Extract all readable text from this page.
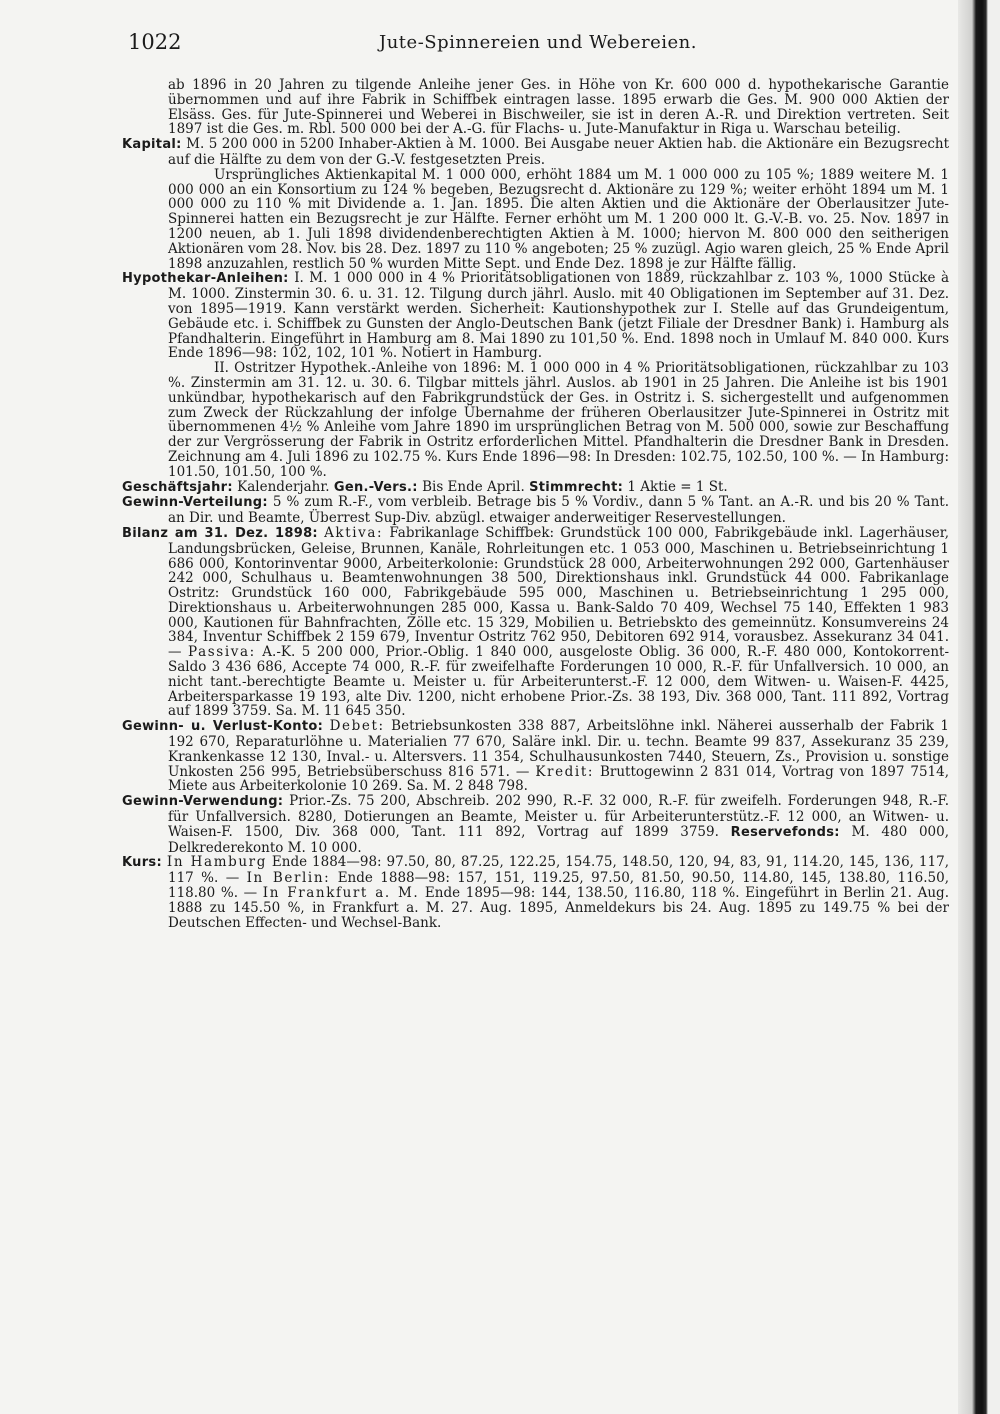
1022	Jute-Spinnereien und Webereien.

ab 1896 in 20 Jahren zu tilgende Anleihe jener Ges. in Höhe von Kr. 600 000 d. hypothekarische Garantie übernommen und auf ihre Fabrik in Schiffbek eintragen lasse. 1895 erwarb die Ges. M. 900 000 Aktien der Elsäss. Ges. für Jute-Spinnerei und Weberei in Bischweiler, sie ist in deren A.-R. und Direktion vertreten. Seit 1897 ist die Ges. m. Rbl. 500 000 bei der A.-G. für Flachs- u. Jute-Manufaktur in Riga u. Warschau beteilig.

Kapital: M. 5 200 000 in 5200 Inhaber-Aktien à M. 1000. Bei Ausgabe neuer Aktien hab. die Aktionäre ein Bezugsrecht auf die Hälfte zu dem von der G.-V. festgesetzten Preis.

Ursprüngliches Aktienkapital M. 1 000 000, erhöht 1884 um M. 1 000 000 zu 105 %; 1889 weitere M. 1 000 000 an ein Konsortium zu 124 % begeben, Bezugsrecht d. Aktionäre zu 129 %; weiter erhöht 1894 um M. 1 000 000 zu 110 % mit Dividende a. 1. Jan. 1895. Die alten Aktien und die Aktionäre der Oberlausitzer Jute-Spinnerei hatten ein Bezugsrecht je zur Hälfte. Ferner erhöht um M. 1 200 000 lt. G.-V.-B. vo. 25. Nov. 1897 in 1200 neuen, ab 1. Juli 1898 dividendenberechtigten Aktien à M. 1000; hiervon M. 800 000 den seitherigen Aktionären vom 28. Nov. bis 28. Dez. 1897 zu 110 % angeboten; 25 % zuzügl. Agio waren gleich, 25 % Ende April 1898 anzuzahlen, restlich 50 % wurden Mitte Sept. und Ende Dez. 1898 je zur Hälfte fällig.

Hypothekar-Anleihen: I. M. 1 000 000 in 4 % Prioritätsobligationen von 1889, rückzahlbar z. 103 %, 1000 Stücke à M. 1000. Zinstermin 30. 6. u. 31. 12. Tilgung durch jährl. Auslo. mit 40 Obligationen im September auf 31. Dez. von 1895—1919. Kann verstärkt werden. Sicherheit: Kautionshypothek zur I. Stelle auf das Grundeigentum, Gebäude etc. i. Schiffbek zu Gunsten der Anglo-Deutschen Bank (jetzt Filiale der Dresdner Bank) i. Hamburg als Pfandhalterin. Eingeführt in Hamburg am 8. Mai 1890 zu 101,50 %. End. 1898 noch in Umlauf M. 840 000. Kurs Ende 1896—98: 102, 102, 101 %. Notiert in Hamburg.

II. Ostritzer Hypothek.-Anleihe von 1896: M. 1 000 000 in 4 % Prioritätsobligationen, rückzahlbar zu 103 %. Zinstermin am 31. 12. u. 30. 6. Tilgbar mittels jährl. Auslos. ab 1901 in 25 Jahren. Die Anleihe ist bis 1901 unkündbar, hypothekarisch auf den Fabrikgrundstück der Ges. in Ostritz i. S. sichergestellt und aufgenommen zum Zweck der Rückzahlung der infolge Übernahme der früheren Oberlausitzer Jute-Spinnerei in Ostritz mit übernommenen 4½ % Anleihe vom Jahre 1890 im ursprünglichen Betrag von M. 500 000, sowie zur Beschaffung der zur Vergrösserung der Fabrik in Ostritz erforderlichen Mittel. Pfandhalterin die Dresdner Bank in Dresden. Zeichnung am 4. Juli 1896 zu 102.75 %. Kurs Ende 1896—98: In Dresden: 102.75, 102.50, 100 %. — In Hamburg: 101.50, 101.50, 100 %.

Geschäftsjahr: Kalenderjahr. Gen.-Vers.: Bis Ende April. Stimmrecht: 1 Aktie = 1 St.

Gewinn-Verteilung: 5 % zum R.-F., vom verbleib. Betrage bis 5 % Vordiv., dann 5 % Tant. an A.-R. und bis 20 % Tant. an Dir. und Beamte, Überrest Sup-Div. abzügl. etwaiger anderweitiger Reservestellungen.

Bilanz am 31. Dez. 1898: Aktiva: Fabrikanlage Schiffbek: Grundstück 100 000, Fabrikgebäude inkl. Lagerhäuser, Landungsbrücken, Geleise, Brunnen, Kanäle, Rohrleitungen etc. 1 053 000, Maschinen u. Betriebseinrichtung 1 686 000, Kontorinventar 9000, Arbeiterkolonie: Grundstück 28 000, Arbeiterwohnungen 292 000, Gartenhäuser 242 000, Schulhaus u. Beamtenwohnungen 38 500, Direktionshaus inkl. Grundstück 44 000. Fabrikanlage Ostritz: Grundstück 160 000, Fabrikgebäude 595 000, Maschinen u. Betriebseinrichtung 1 295 000, Direktionshaus u. Arbeiterwohnungen 285 000, Kassa u. Bank-Saldo 70 409, Wechsel 75 140, Effekten 1 983 000, Kautionen für Bahnfrachten, Zölle etc. 15 329, Mobilien u. Betriebskto des gemeinnütz. Konsumvereins 24 384, Inventur Schiffbek 2 159 679, Inventur Ostritz 762 950, Debitoren 692 914, vorausbez. Assekuranz 34 041. — Passiva: A.-K. 5 200 000, Prior.-Oblig. 1 840 000, ausgeloste Oblig. 36 000, R.-F. 480 000, Kontokorrent-Saldo 3 436 686, Accepte 74 000, R.-F. für zweifelhafte Forderungen 10 000, R.-F. für Unfallversich. 10 000, an nicht tant.-berechtigte Beamte u. Meister u. für Arbeiterunterst.-F. 12 000, dem Witwen- u. Waisen-F. 4425, Arbeitersparkasse 19 193, alte Div. 1200, nicht erhobene Prior.-Zs. 38 193, Div. 368 000, Tant. 111 892, Vortrag auf 1899 3759. Sa. M. 11 645 350.

Gewinn- u. Verlust-Konto: Debet: Betriebsunkosten 338 887, Arbeitslöhne inkl. Näherei ausserhalb der Fabrik 1 192 670, Reparaturlöhne u. Materialien 77 670, Saläre inkl. Dir. u. techn. Beamte 99 837, Assekuranz 35 239, Krankenkasse 12 130, Inval.- u. Altersvers. 11 354, Schulhausunkosten 7440, Steuern, Zs., Provision u. sonstige Unkosten 256 995, Betriebsüberschuss 816 571. — Kredit: Bruttogewinn 2 831 014, Vortrag von 1897 7514, Miete aus Arbeiterkolonie 10 269. Sa. M. 2 848 798.

Gewinn-Verwendung: Prior.-Zs. 75 200, Abschreib. 202 990, R.-F. 32 000, R.-F. für zweifelh. Forderungen 948, R.-F. für Unfallversich. 8280, Dotierungen an Beamte, Meister u. für Arbeiterunterstütz.-F. 12 000, an Witwen- u. Waisen-F. 1500, Div. 368 000, Tant. 111 892, Vortrag auf 1899 3759. Reservefonds: M. 480 000, Delkrederekonto M. 10 000.

Kurs: In Hamburg Ende 1884—98: 97.50, 80, 87.25, 122.25, 154.75, 148.50, 120, 94, 83, 91, 114.20, 145, 136, 117, 117 %. — In Berlin: Ende 1888—98: 157, 151, 119.25, 97.50, 81.50, 90.50, 114.80, 145, 138.80, 116.50, 118.80 %. — In Frankfurt a. M. Ende 1895—98: 144, 138.50, 116.80, 118 %. Eingeführt in Berlin 21. Aug. 1888 zu 145.50 %, in Frankfurt a. M. 27. Aug. 1895, Anmeldekurs bis 24. Aug. 1895 zu 149.75 % bei der Deutschen Effecten- und Wechsel-Bank.
